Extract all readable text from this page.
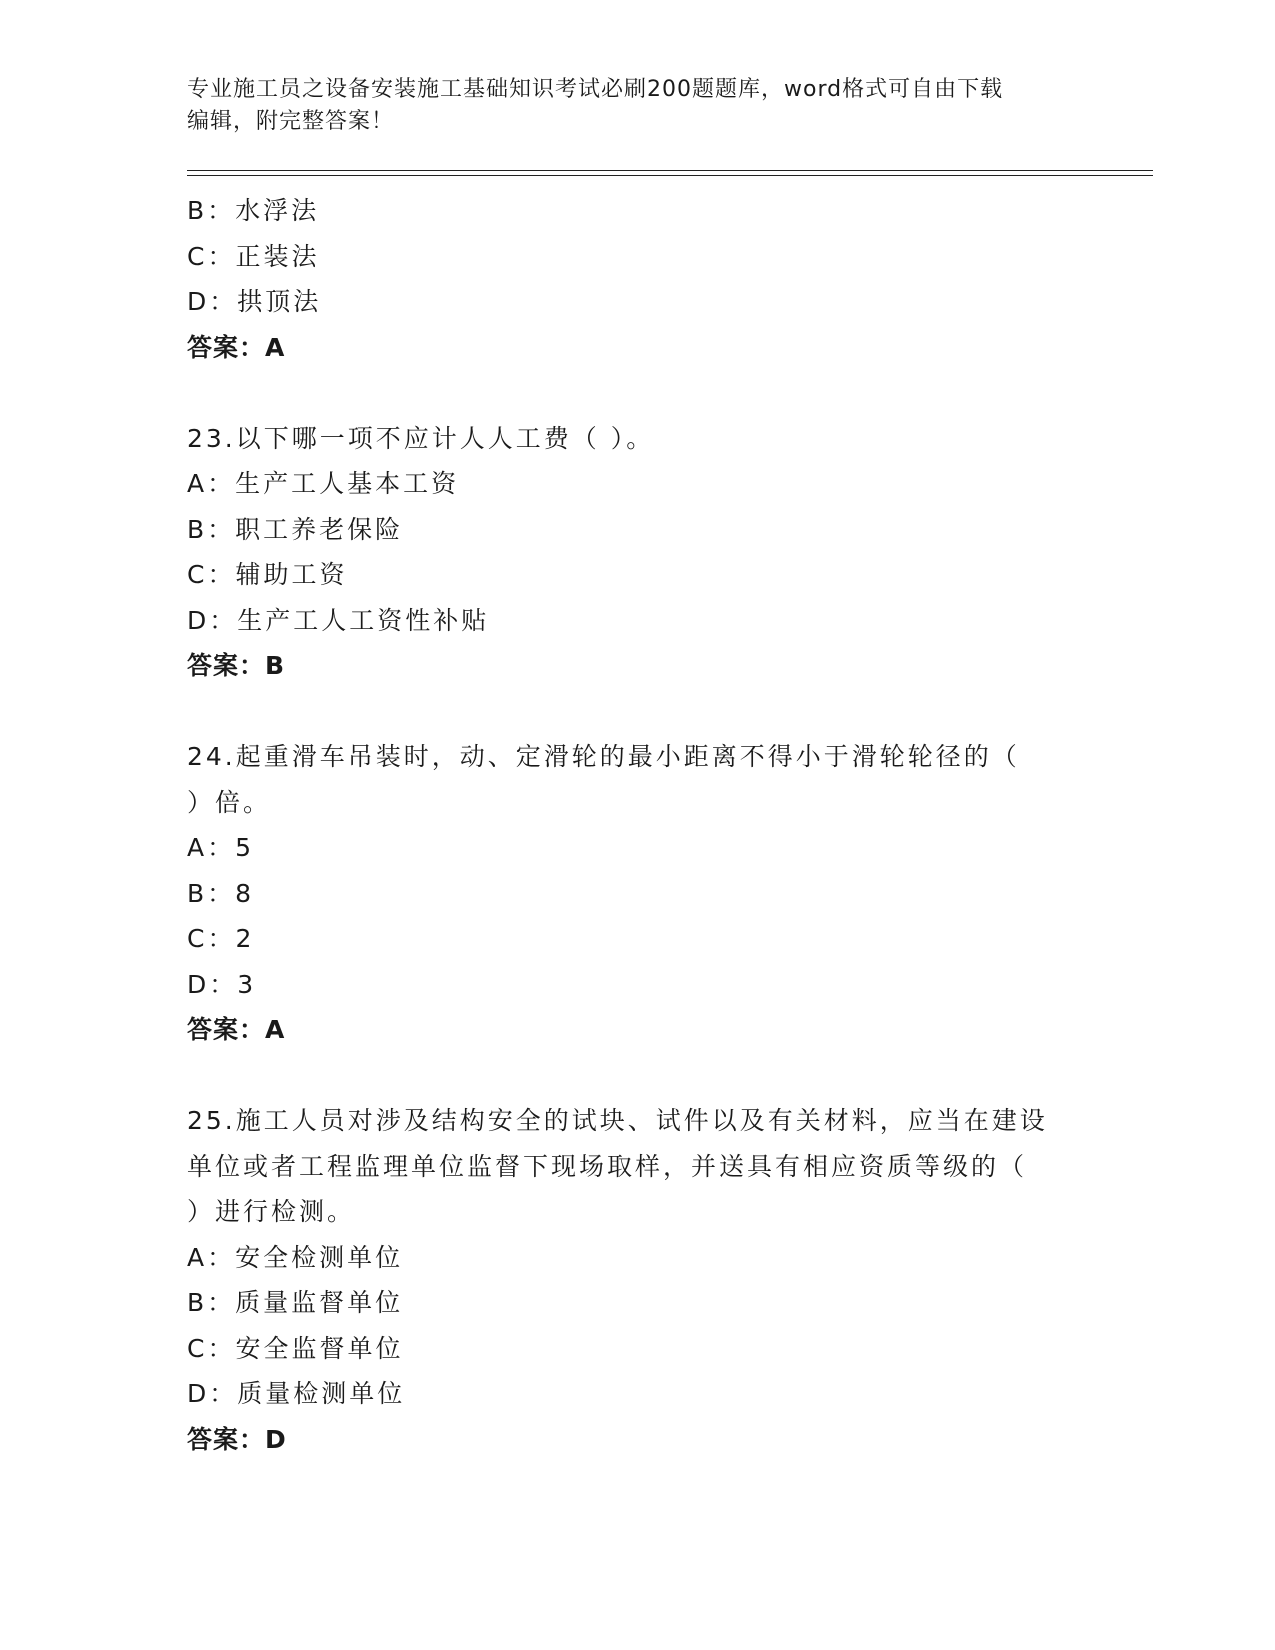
专业施工员之设备安装施工基础知识考试必刷200题题库，word格式可自由下载
编辑，附完整答案！
B：水浮法
C：正装法
D：拱顶法
答案：A
23.以下哪一项不应计人人工费（ ）。
A：生产工人基本工资
B：职工养老保险
C：辅助工资
D：生产工人工资性补贴
答案：B
24.起重滑车吊装时，动、定滑轮的最小距离不得小于滑轮轮径的（
）倍。
A：5
B：8
C：2
D：3
答案：A
25.施工人员对涉及结构安全的试块、试件以及有关材料，应当在建设
单位或者工程监理单位监督下现场取样，并送具有相应资质等级的（
）进行检测。
A：安全检测单位
B：质量监督单位
C：安全监督单位
D：质量检测单位
答案：D
